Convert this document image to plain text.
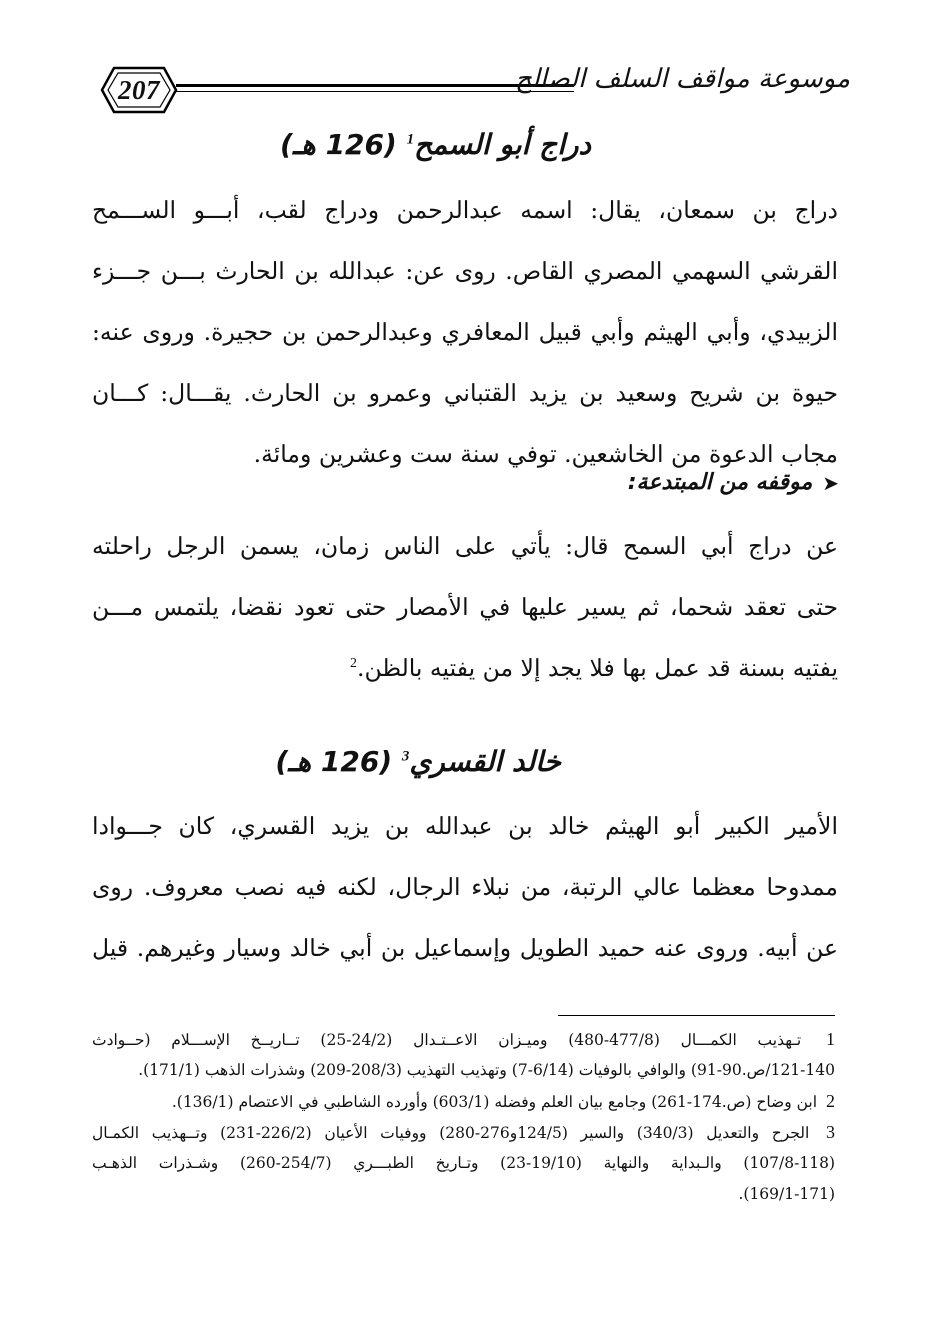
207	موسوعة مواقف السلف الصالح
دراج أبو السمح$^1$ (126 هـ)
دراج بن سمعان، يقال: اسمه عبدالرحمن ودراج لقب، أبـــو الســـمح
القرشي السهمي المصري القاص. روى عن: عبدالله بن الحارث بـــن جـــزء
الزبيدي، وأبي الهيثم وأبي قبيل المعافري وعبدالرحمن بن حجيرة. وروى عنه:
حيوة بن شريح وسعيد بن يزيد القتباني وعمرو بن الحارث. يقـــال: كـــان
مجاب الدعوة من الخاشعين. توفي سنة ست وعشرين ومائة.
➤
موقفه من المبتدعة:
عن دراج أبي السمح قال: يأتي على الناس زمان، يسمن الرجل راحلته
حتى تعقد شحما، ثم يسير عليها في الأمصار حتى تعود نقضا، يلتمس مـــن
يفتيه بسنة قد عمل بها فلا يجد إلا من يفتيه بالظن.$^2$
خالد القسري$^3$ (126 هـ)
الأمير الكبير أبو الهيثم خالد بن عبدالله بن يزيد القسري، كان جـــوادا
ممدوحا معظما عالي الرتبة، من نبلاء الرجال، لكنه فيه نصب معروف. روى
عن أبيه. وروى عنه حميد الطويل وإسماعيل بن أبي خالد وسيار وغيرهم. قيل
1 تـهذيب الكمـــال (477/8-480) وميـزان الاعــتـدال (24/2-25) تــاريــخ الإســـلام (حــوادث
121-140/ص.90-91) والوافي بالوفيات (6/14-7) وتهذيب التهذيب (208/3-209) وشذرات الذهب (171/1).
2 ابن وضاح (ص.174-261) وجامع بيان العلم وفضله (603/1) وأورده الشاطبي في الاعتصام (136/1).
3 الجرح والتعديل (340/3) والسير (124/5و276-280) ووفيات الأعيان (226/2-231) وتــهذيب الكمـال
(107/8-118) والـبداية والنهاية (19/10-23) وتـاريخ الطبـــري (254/7-260) وشـذرات الذهـب
(169/1-171).
